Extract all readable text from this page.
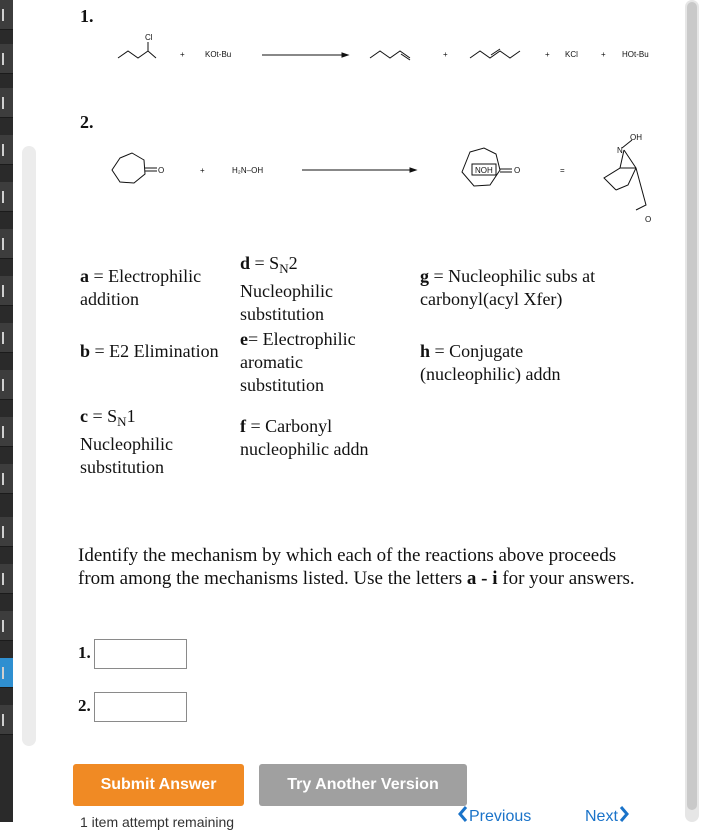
1.
2.
Cl
+	KOt-Bu	+	+ KCl	+ HOt-Bu
O	+	H₂N–OH	NOH	O	=
N
OH
O
a = Electrophilic addition
b = E2 Elimination
$c = S_N1$
Nucleophilic substitution
$d = S_N2$
Nucleophilic substitution
e= Electrophilic aromatic substitution
f = Carbonyl nucleophilic addn
g = Nucleophilic subs at carbonyl(acyl Xfer)
h = Conjugate (nucleophilic) addn
Identify the mechanism by which each of the reactions above proceeds from among the mechanisms listed. Use the letters a - i for your answers.
1.
2.
Submit Answer	Try Another Version
1 item attempt remaining	Previous	Next
